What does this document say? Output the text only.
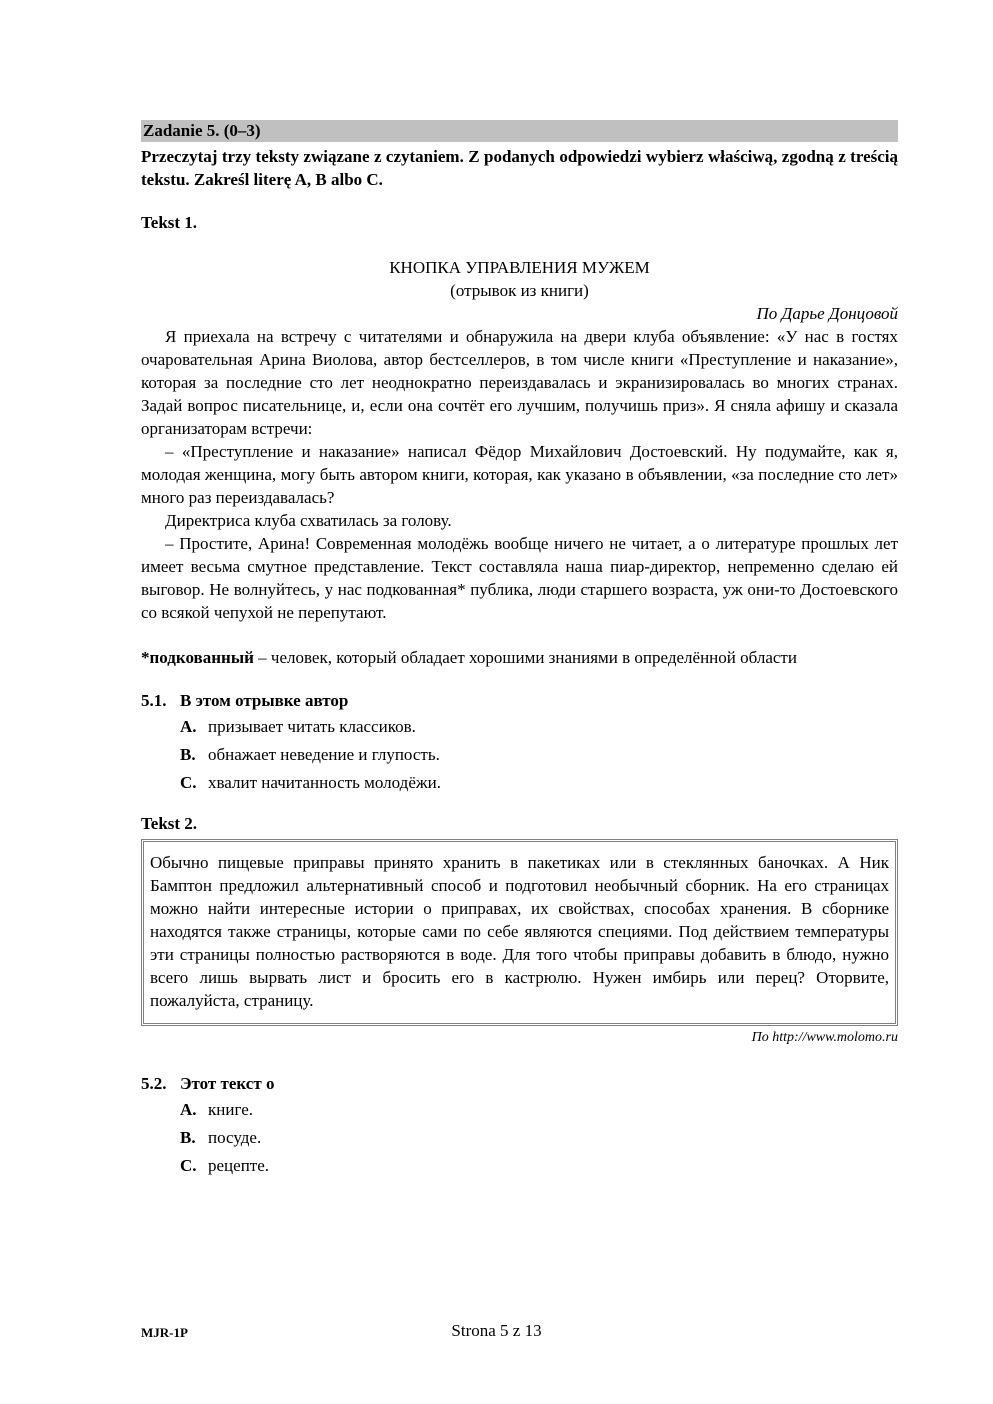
Zadanie 5. (0–3)
Przeczytaj trzy teksty związane z czytaniem. Z podanych odpowiedzi wybierz właściwą, zgodną z treścią tekstu. Zakreśl literę A, B albo C.
Tekst 1.
КНОПКА УПРАВЛЕНИЯ МУЖЕМ
(отрывок из книги)
По Дарье Донцовой

Я приехала на встречу с читателями и обнаружила на двери клуба объявление: «У нас в гостях очаровательная Арина Виолова, автор бестселлеров, в том числе книги «Преступление и наказание», которая за последние сто лет неоднократно переиздавалась и экранизировалась во многих странах. Задай вопрос писательнице, и, если она сочтёт его лучшим, получишь приз». Я сняла афишу и сказала организаторам встречи:

– «Преступление и наказание» написал Фёдор Михайлович Достоевский. Ну подумайте, как я, молодая женщина, могу быть автором книги, которая, как указано в объявлении, «за последние сто лет» много раз переиздавалась?

Директриса клуба схватилась за голову.

– Простите, Арина! Современная молодёжь вообще ничего не читает, а о литературе прошлых лет имеет весьма смутное представление. Текст составляла наша пиар-директор, непременно сделаю ей выговор. Не волнуйтесь, у нас подкованная* публика, люди старшего возраста, уж они-то Достоевского со всякой чепухой не перепутают.

*подкованный – человек, который обладает хорошими знаниями в определённой области
5.1. В этом отрывке автор
A. призывает читать классиков.
B. обнажает неведение и глупость.
C. хвалит начитанность молодёжи.
Tekst 2.

Обычно пищевые приправы принято хранить в пакетиках или в стеклянных баночках. А Ник Бамптон предложил альтернативный способ и подготовил необычный сборник. На его страницах можно найти интересные истории о приправах, их свойствах, способах хранения. В сборнике находятся также страницы, которые сами по себе являются специями. Под действием температуры эти страницы полностью растворяются в воде. Для того чтобы приправы добавить в блюдо, нужно всего лишь вырвать лист и бросить его в кастрюлю. Нужен имбирь или перец? Оторвите, пожалуйста, страницу.

По http://www.molomo.ru
5.2. Этот текст о
A. книге.
B. посуде.
C. рецепте.
MJR-1P	Strona 5 z 13
